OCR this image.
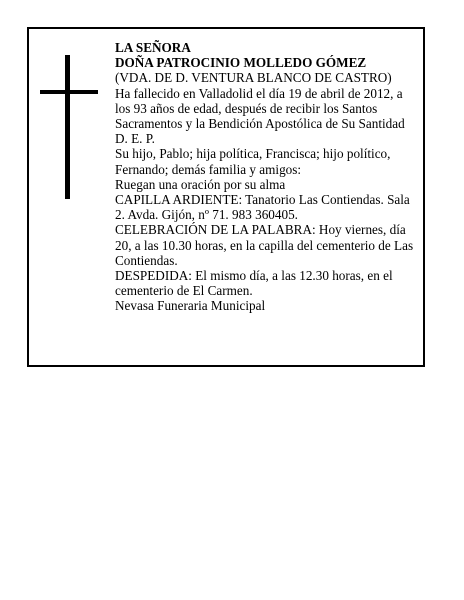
LA SEÑORA

DOÑA PATROCINIO MOLLEDO GÓMEZ

(VDA. DE D. VENTURA BLANCO DE CASTRO)

Ha fallecido en Valladolid el día 19 de abril de 2012, a los 93 años de edad, después de recibir los Santos Sacramentos y la Bendición Apostólica de Su Santidad

D. E. P.

Su hijo, Pablo; hija política, Francisca; hijo político, Fernando; demás familia y amigos:

Ruegan una oración por su alma

CAPILLA ARDIENTE: Tanatorio Las Contiendas. Sala 2. Avda. Gijón, nº 71. 983 360405.

CELEBRACIÓN DE LA PALABRA: Hoy viernes, día 20, a las 10.30 horas, en la capilla del cementerio de Las Contiendas.

DESPEDIDA: El mismo día, a las 12.30 horas, en el cementerio de El Carmen.

Nevasa Funeraria Municipal
